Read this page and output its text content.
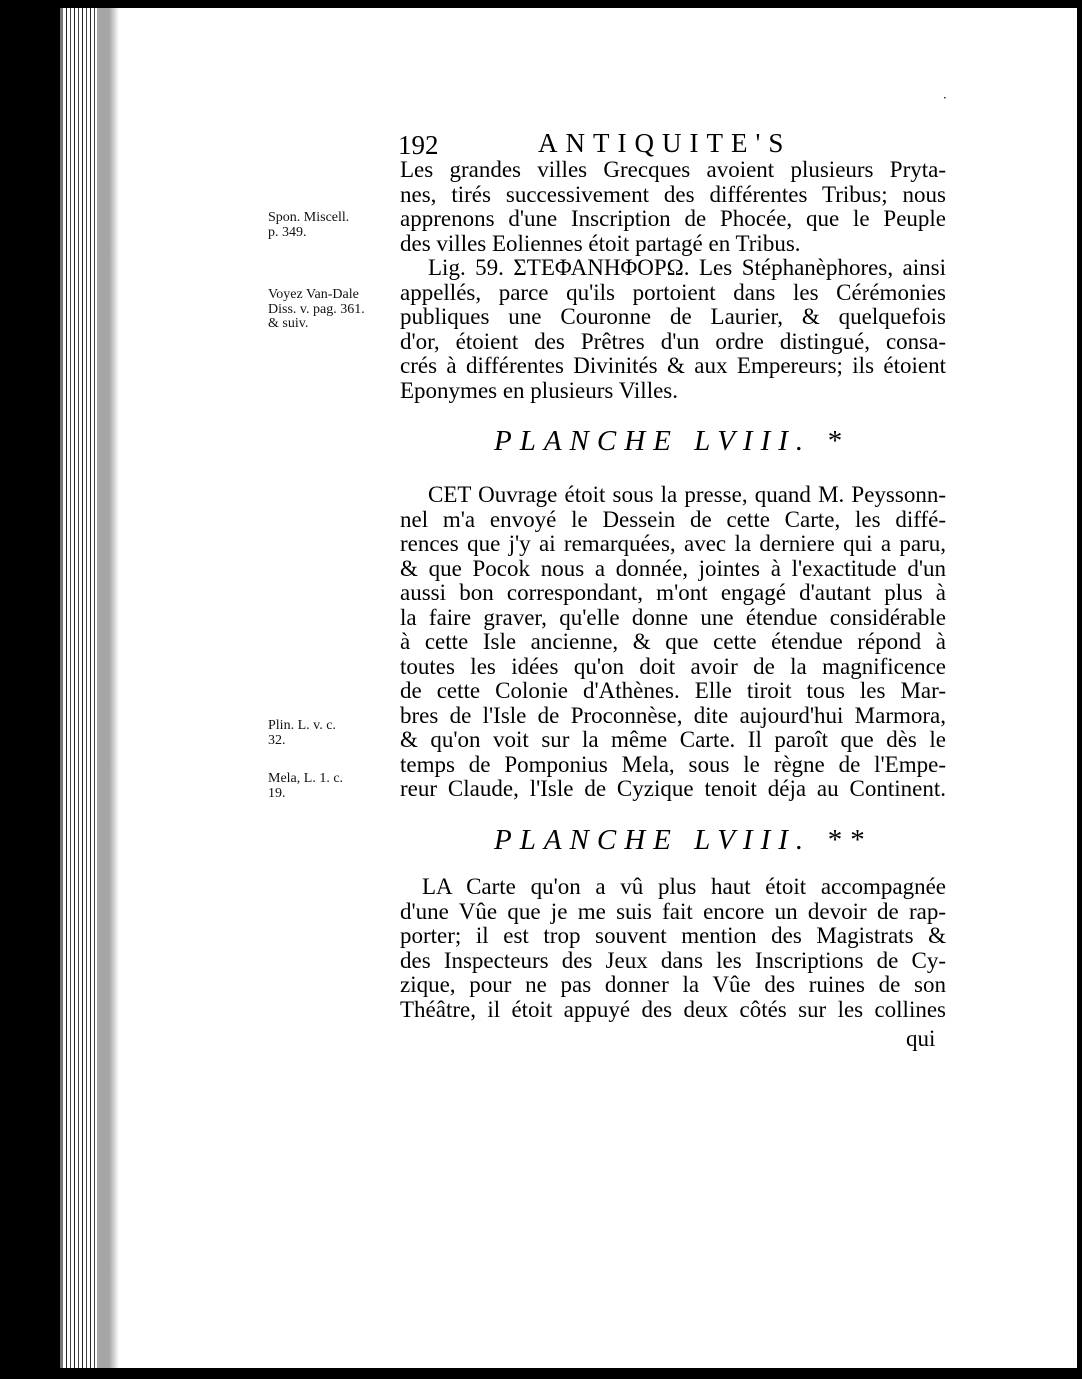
·
192	ANTIQUITE'S
Spon. Miscell.
p. 349.
Voyez Van-Dale
Diss. v. pag. 361.
& suiv.
Plin. L. v. c.
32.
Mela, L. 1. c.
19.
Les grandes villes Grecques avoient plusieurs Pryta-
nes, tirés successivement des différentes Tribus; nous
apprenons d'une Inscription de Phocée, que le Peuple
des villes Eoliennes étoit partagé en Tribus.
Lig. 59. ΣΤΕΦΑΝΗΦΟΡΩ. Les Stéphanèphores, ainsi
appellés, parce qu'ils portoient dans les Cérémonies
publiques une Couronne de Laurier, & quelquefois
d'or, étoient des Prêtres d'un ordre distingué, consa-
crés à différentes Divinités & aux Empereurs; ils étoient
Eponymes en plusieurs Villes.
PLANCHE LVIII. *
CET Ouvrage étoit sous la presse, quand M. Peyssonn-
nel m'a envoyé le Dessein de cette Carte, les diffé-
rences que j'y ai remarquées, avec la derniere qui a paru,
& que Pocok nous a donnée, jointes à l'exactitude d'un
aussi bon correspondant, m'ont engagé d'autant plus à
la faire graver, qu'elle donne une étendue considérable
à cette Isle ancienne, & que cette étendue répond à
toutes les idées qu'on doit avoir de la magnificence
de cette Colonie d'Athènes. Elle tiroit tous les Mar-
bres de l'Isle de Proconnèse, dite aujourd'hui Marmora,
& qu'on voit sur la même Carte. Il paroît que dès le
temps de Pomponius Mela, sous le règne de l'Empe-
reur Claude, l'Isle de Cyzique tenoit déja au Continent.
PLANCHE LVIII. **
LA Carte qu'on a vû plus haut étoit accompagnée
d'une Vûe que je me suis fait encore un devoir de rap-
porter; il est trop souvent mention des Magistrats &
des Inspecteurs des Jeux dans les Inscriptions de Cy-
zique, pour ne pas donner la Vûe des ruines de son
Théâtre, il étoit appuyé des deux côtés sur les collines
qui
